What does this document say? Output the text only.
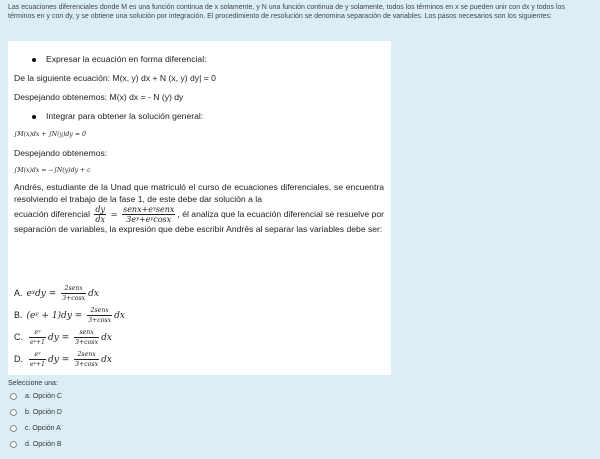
Las ecuaciones diferenciales donde M es una función continua de x solamente, y N una función continua de y solamente, todos los términos en x se pueden unir con dx y todos los términos en y con dy, y se obtiene una solución por integración. El procedimiento de resolución se denomina separación de variables. Los pasos necesarios son los siguientes:
Expresar la ecuación en forma diferencial:
De la siguiente ecuación: M(x, y) dx + N (x, y) dy| = 0
Despejando obtenemos: M(x) dx = - N (y) dy
Integrar para obtener la solución general:
∫M(x)dx + ∫N(y)dy = 0
Despejando obtenemos:
∫M(x)dx = −∫N(y)dy + c
Andrés, estudiante de la Unad que matriculó el curso de ecuaciones diferenciales, se encuentra resolviendo el trabajo de la fase 1, de este debe dar solución a la
ecuación diferencial $\frac{dy}{dx} = \frac{\text{senx+eʸsenx}}{\text{3eʸ+eʸcosx}}$ , él analiza que la ecuación diferencial se resuelve por separación de variables, la expresión que debe escribir Andrés al separar las variables debe ser:
A. eʸdy = $\frac{\text{2senx}}{3+\cos x}$ dx
B. (eʸ + $1)dy = \frac{\text{2senx}}{3+\cos x}$ dx
C. $\frac{\text{eʸ}}{\text{eʸ+1}}$ dy = $\frac{\text{senx}}{3+\cos x}$ dx
D. $\frac{\text{eʸ}}{\text{eʸ+1}}$ dy = $\frac{\text{2senx}}{3+\cos x}$ dx
Seleccione una:
a. Opción C
b. Opción D
c. Opción A
d. Opción B
